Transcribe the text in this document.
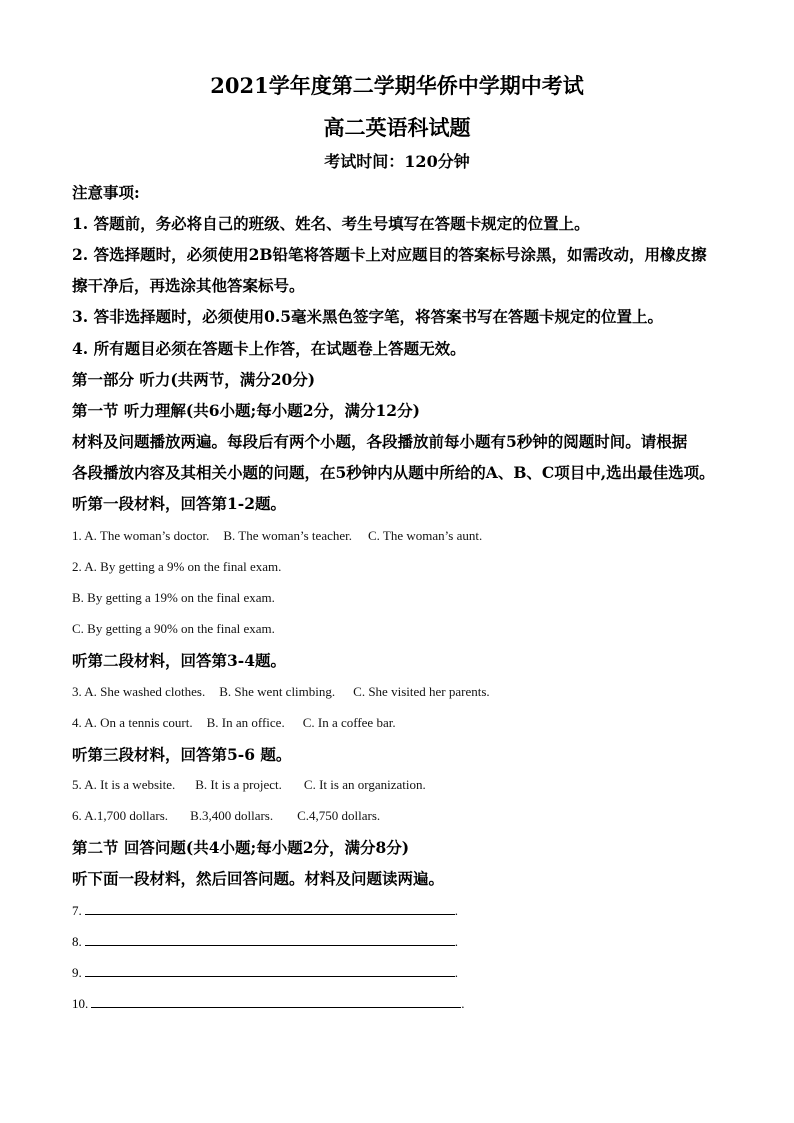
2021学年度第二学期华侨中学期中考试
高二英语科试题
考试时间：120分钟
注意事项:
1. 答题前，务必将自己的班级、姓名、考生号填写在答题卡规定的位置上。
2. 答选择题时，必须使用2B铅笔将答题卡上对应题目的答案标号涂黑，如需改动，用橡皮擦
擦干净后，再选涂其他答案标号。
3. 答非选择题时，必须使用0.5毫米黑色签字笔，将答案书写在答题卡规定的位置上。
4. 所有题目必须在答题卡上作答，在试题卷上答题无效。
第一部分 听力(共两节，满分20分)
第一节 听力理解(共6小题;每小题2分，满分12分)
材料及问题播放两遍。每段后有两个小题，各段播放前每小题有5秒钟的阅题时间。请根据
各段播放内容及其相关小题的问题，在5秒钟内从题中所给的A、B、C项目中,选出最佳选项。
听第一段材料，回答第1-2题。
1. A. The woman’s doctor. B. The woman’s teacher. C. The woman’s aunt.
2. A. By getting a 9% on the final exam.
B. By getting a 19% on the final exam.
C. By getting a 90% on the final exam.
听第二段材料，回答第3-4题。
3. A. She washed clothes. B. She went climbing. C. She visited her parents.
4. A. On a tennis court. B. In an office. C. In a coffee bar.
听第三段材料，回答第5-6 题。
5. A. It is a website. B. It is a project. C. It is an organization.
6. A.1,700 dollars. B.3,400 dollars. C.4,750 dollars.
第二节 回答问题(共4小题;每小题2分，满分8分)
听下面一段材料，然后回答问题。材料及问题读两遍。
7.	.
8.	.
9.	.
10.	.
